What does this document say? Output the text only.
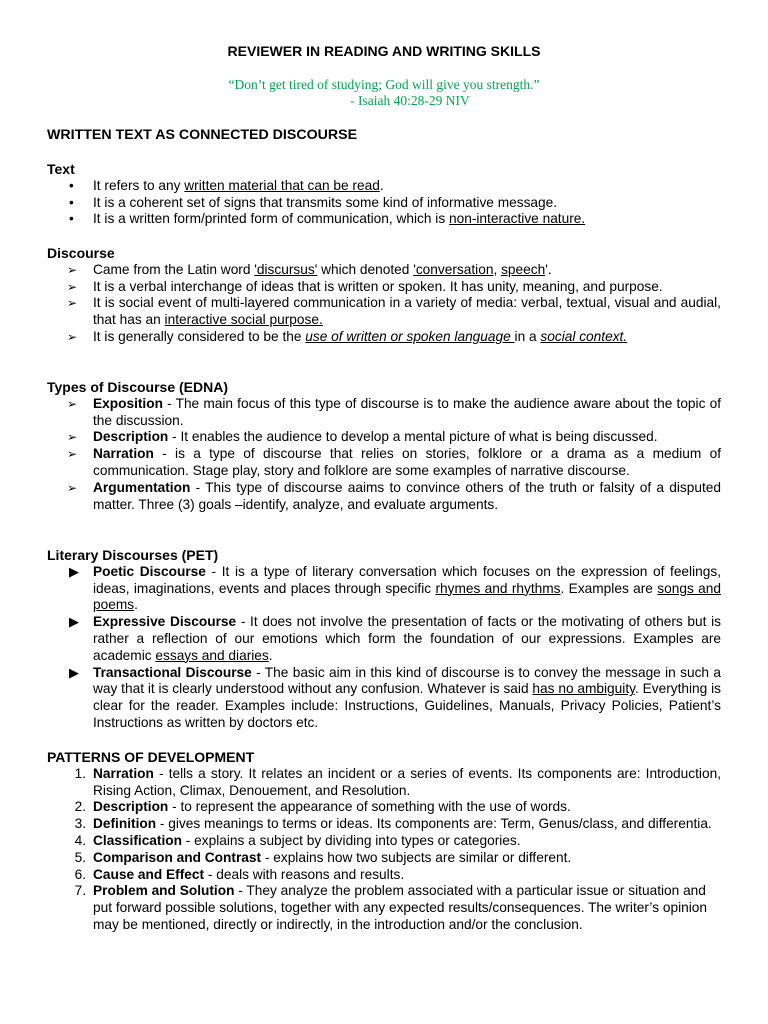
REVIEWER IN READING AND WRITING SKILLS
“Don’t get tired of studying; God will give you strength.”
- Isaiah 40:28-29 NIV
WRITTEN TEXT AS CONNECTED DISCOURSE
Text
• It refers to any written material that can be read.
• It is a coherent set of signs that transmits some kind of informative message.
• It is a written form/printed form of communication, which is non-interactive nature.
Discourse
➢ Came from the Latin word 'discursus' which denoted 'conversation, speech'.
➢ It is a verbal interchange of ideas that is written or spoken. It has unity, meaning, and purpose.
➢ It is social event of multi-layered communication in a variety of media: verbal, textual, visual and audial, that has an interactive social purpose.
➢ It is generally considered to be the use of written or spoken language in a social context.
Types of Discourse (EDNA)
➢ Exposition - The main focus of this type of discourse is to make the audience aware about the topic of the discussion.
➢ Description - It enables the audience to develop a mental picture of what is being discussed.
➢ Narration - is a type of discourse that relies on stories, folklore or a drama as a medium of communication. Stage play, story and folklore are some examples of narrative discourse.
➢ Argumentation - This type of discourse aaims to convince others of the truth or falsity of a disputed matter. Three (3) goals –identify, analyze, and evaluate arguments.
Literary Discourses (PET)
▶ Poetic Discourse - It is a type of literary conversation which focuses on the expression of feelings, ideas, imaginations, events and places through specific rhymes and rhythms. Examples are songs and poems.
▶ Expressive Discourse - It does not involve the presentation of facts or the motivating of others but is rather a reflection of our emotions which form the foundation of our expressions. Examples are academic essays and diaries.
▶ Transactional Discourse - The basic aim in this kind of discourse is to convey the message in such a way that it is clearly understood without any confusion. Whatever is said has no ambiguity. Everything is clear for the reader. Examples include: Instructions, Guidelines, Manuals, Privacy Policies, Patient’s Instructions as written by doctors etc.
PATTERNS OF DEVELOPMENT
1. Narration - tells a story. It relates an incident or a series of events. Its components are: Introduction, Rising Action, Climax, Denouement, and Resolution.
2. Description - to represent the appearance of something with the use of words.
3. Definition - gives meanings to terms or ideas. Its components are: Term, Genus/class, and differentia.
4. Classification - explains a subject by dividing into types or categories.
5. Comparison and Contrast - explains how two subjects are similar or different.
6. Cause and Effect - deals with reasons and results.
7. Problem and Solution - They analyze the problem associated with a particular issue or situation and put forward possible solutions, together with any expected results/consequences. The writer’s opinion may be mentioned, directly or indirectly, in the introduction and/or the conclusion.
